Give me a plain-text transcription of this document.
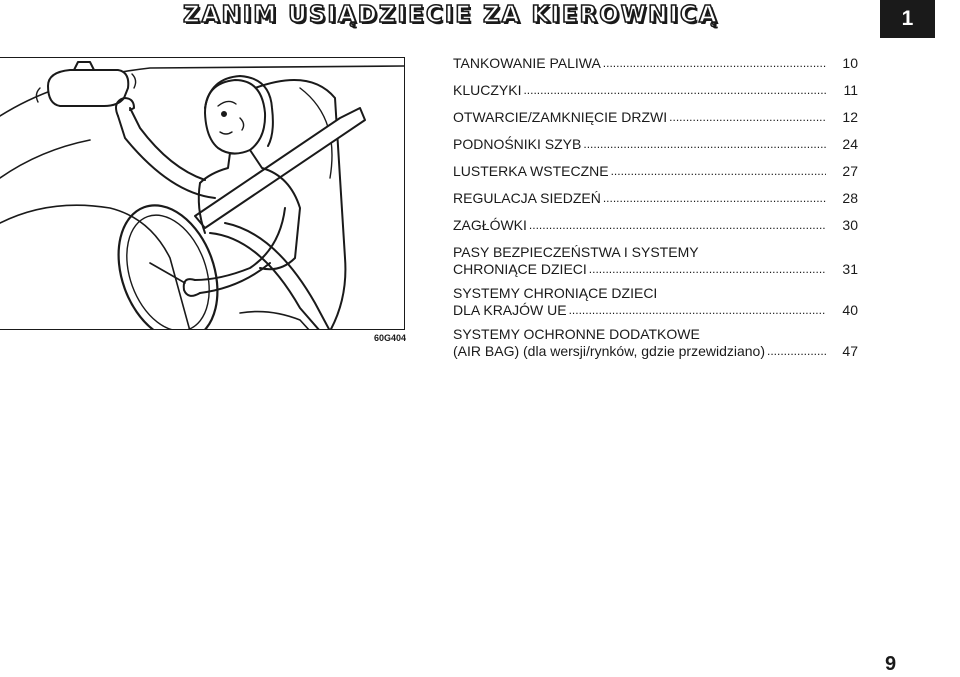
ZANIM USIĄDZIECIE ZA KIEROWNICĄ	1
60G404
TANKOWANIE PALIWA .....	10
KLUCZYKI .....	11
OTWARCIE/ZAMKNIĘCIE DRZWI .....	12
PODNOŚNIKI SZYB .....	24
LUSTERKA WSTECZNE .....	27
REGULACJA SIEDZEŃ .....	28
ZAGŁÓWKI .....	30
PASY BEZPIECZEŃSTWA I SYSTEMY
CHRONIĄCE DZIECI .....	31
SYSTEMY CHRONIĄCE DZIECI
DLA KRAJÓW UE .....	40
SYSTEMY OCHRONNE DODATKOWE
(AIR BAG) (dla wersji/rynków, gdzie przewidziano) .....	47
9
